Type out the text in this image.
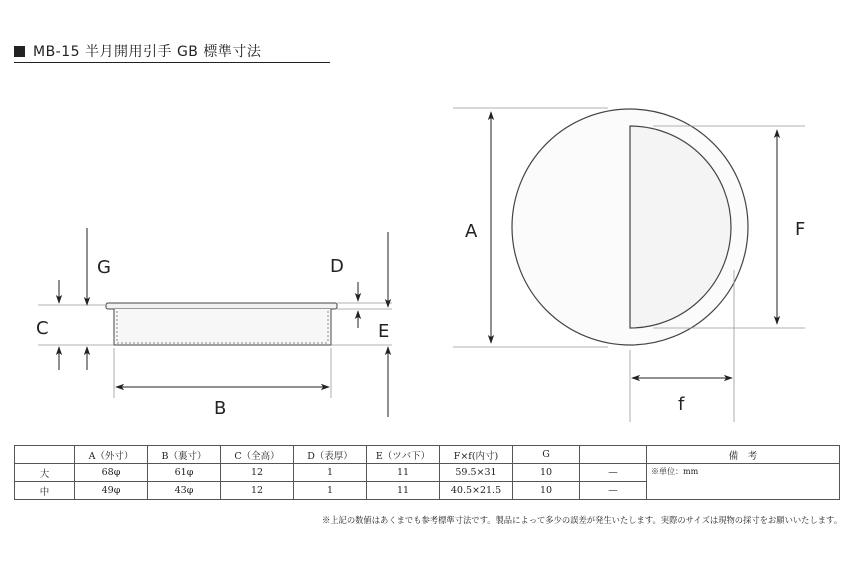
MB-15 半月開用引手 GB 標準寸法
G
C
D
E
B
A	F
f
	A（外寸）	B（裏寸）	C（全高）	D（表厚）	E（ツバ下）	F×f(内寸)	G		備　考
大	68φ	61φ	12	1	11	59.5×31	10	—	※単位：mm
中	49φ	43φ	12	1	11	40.5×21.5	10	—	
※上記の数値はあくまでも参考標準寸法です。製品によって多少の誤差が発生いたします。実際のサイズは現物の採寸をお願いいたします。
